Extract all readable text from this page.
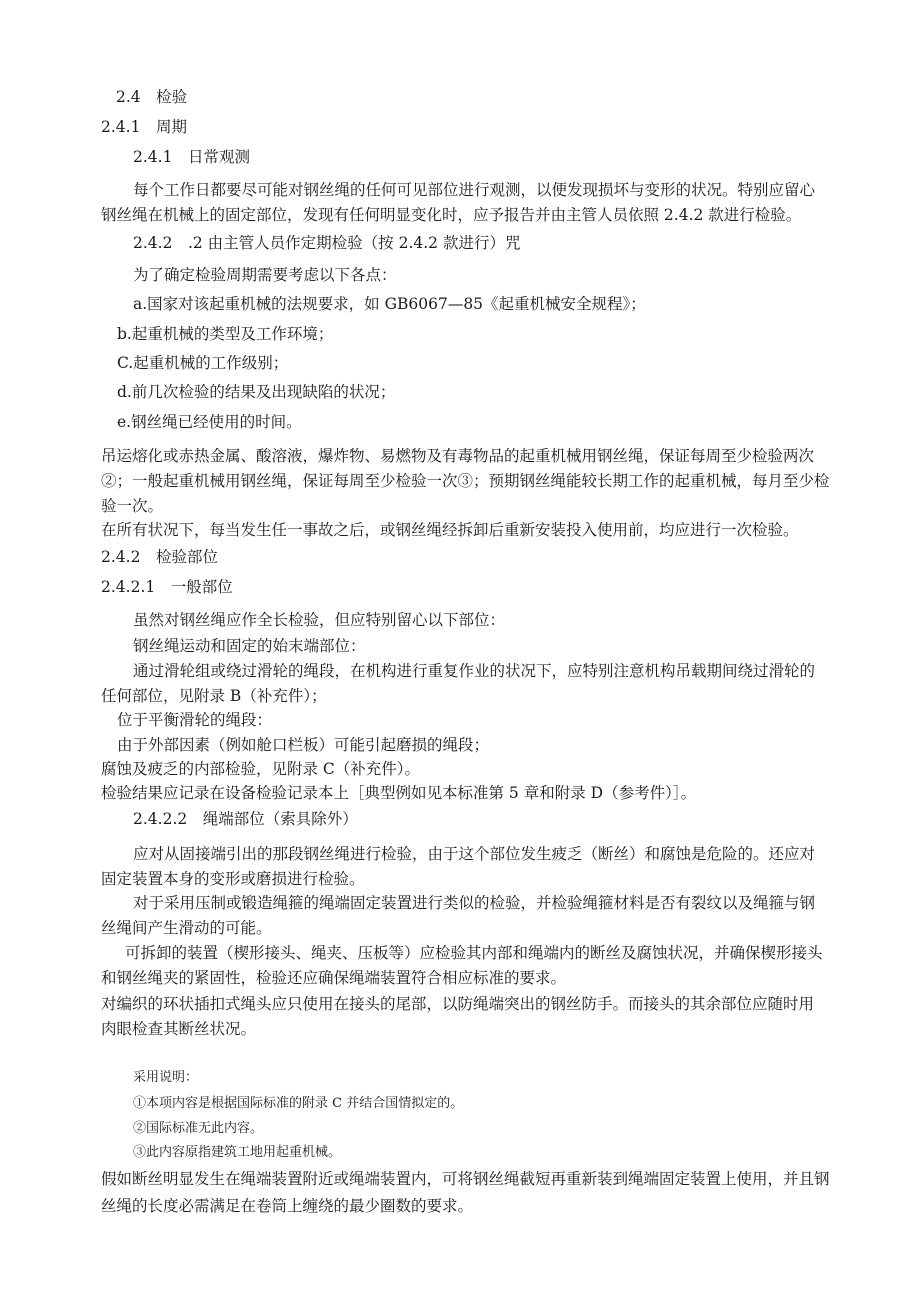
2.4　检验
2.4.1　周期
2.4.1　日常观测
每个工作日都要尽可能对钢丝绳的任何可见部位进行观测，以便发现损坏与变形的状况。特别应留心
钢丝绳在机械上的固定部位，发现有任何明显变化时，应予报告并由主管人员依照 2.4.2 款进行检验。
2.4.2　.2 由主管人员作定期检验（按 2.4.2 款进行）咒
为了确定检验周期需要考虑以下各点：
a.国家对该起重机械的法规要求，如 GB6067—85《起重机械安全规程》；
b.起重机械的类型及工作环境；
C.起重机械的工作级别；
d.前几次检验的结果及出现缺陷的状况；
e.钢丝绳已经使用的时间。
吊运熔化或赤热金属、酸溶液，爆炸物、易燃物及有毒物品的起重机械用钢丝绳，保证每周至少检验两次
②；一般起重机械用钢丝绳，保证每周至少检验一次③；预期钢丝绳能较长期工作的起重机械，每月至少检
验一次。
在所有状况下，每当发生任一事故之后，或钢丝绳经拆卸后重新安装投入使用前，均应进行一次检验。
2.4.2　检验部位
2.4.2.1　一般部位
虽然对钢丝绳应作全长检验，但应特别留心以下部位：
钢丝绳运动和固定的始末端部位：
通过滑轮组或绕过滑轮的绳段，在机构进行重复作业的状况下，应特别注意机构吊载期间绕过滑轮的
任何部位，见附录 B（补充件）；
位于平衡滑轮的绳段：
由于外部因素（例如舱口栏板）可能引起磨损的绳段；
腐蚀及疲乏的内部检验，见附录 C（补充件）。
检验结果应记录在设备检验记录本上［典型例如见本标准第 5 章和附录 D（参考件）］。
2.4.2.2　绳端部位（索具除外）
应对从固接端引出的那段钢丝绳进行检验，由于这个部位发生疲乏（断丝）和腐蚀是危险的。还应对
固定装置本身的变形或磨损进行检验。
对于采用压制或锻造绳箍的绳端固定装置进行类似的检验，并检验绳箍材料是否有裂纹以及绳箍与钢
丝绳间产生滑动的可能。
可拆卸的装置（楔形接头、绳夹、压板等）应检验其内部和绳端内的断丝及腐蚀状况，并确保楔形接头
和钢丝绳夹的紧固性，检验还应确保绳端装置符合相应标准的要求。
对编织的环状插扣式绳头应只使用在接头的尾部，以防绳端突出的钢丝防手。而接头的其余部位应随时用
肉眼检查其断丝状况。
采用说明：
①本项内容是根据国际标准的附录 C 并结合国情拟定的。
②国际标准无此内容。
③此内容原指建筑工地用起重机械。
假如断丝明显发生在绳端装置附近或绳端装置内，可将钢丝绳截短再重新装到绳端固定装置上使用，并且钢
丝绳的长度必需满足在卷筒上缠绕的最少圈数的要求。
